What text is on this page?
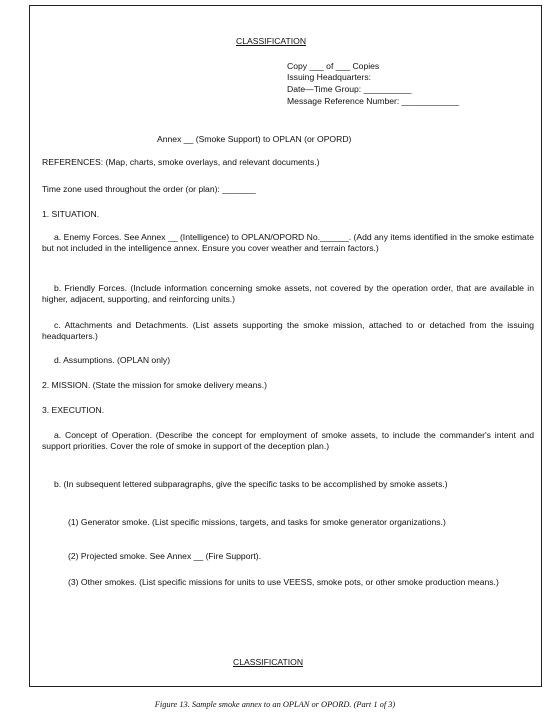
CLASSIFICATION
Copy ___ of ___ Copies
Issuing Headquarters:
Date—Time Group: __________
Message Reference Number: ____________
Annex __ (Smoke Support) to OPLAN (or OPORD)
REFERENCES: (Map, charts, smoke overlays, and relevant documents.)
Time zone used throughout the order (or plan): _______
1. SITUATION.
a. Enemy Forces. See Annex __ (Intelligence) to OPLAN/OPORD No.______. (Add any items identified in the smoke estimate but not included in the intelligence annex. Ensure you cover weather and terrain factors.)
b. Friendly Forces. (Include information concerning smoke assets, not covered by the operation order, that are available in higher, adjacent, supporting, and reinforcing units.)
c. Attachments and Detachments. (List assets supporting the smoke mission, attached to or detached from the issuing headquarters.)
d. Assumptions. (OPLAN only)
2. MISSION. (State the mission for smoke delivery means.)
3. EXECUTION.
a. Concept of Operation. (Describe the concept for employment of smoke assets, to include the commander's intent and support priorities. Cover the role of smoke in support of the deception plan.)
b. (In subsequent lettered subparagraphs, give the specific tasks to be accomplished by smoke assets.)
(1) Generator smoke. (List specific missions, targets, and tasks for smoke generator organizations.)
(2) Projected smoke. See Annex __ (Fire Support).
(3) Other smokes. (List specific missions for units to use VEESS, smoke pots, or other smoke production means.)
CLASSIFICATION
Figure 13. Sample smoke annex to an OPLAN or OPORD. (Part 1 of 3)
